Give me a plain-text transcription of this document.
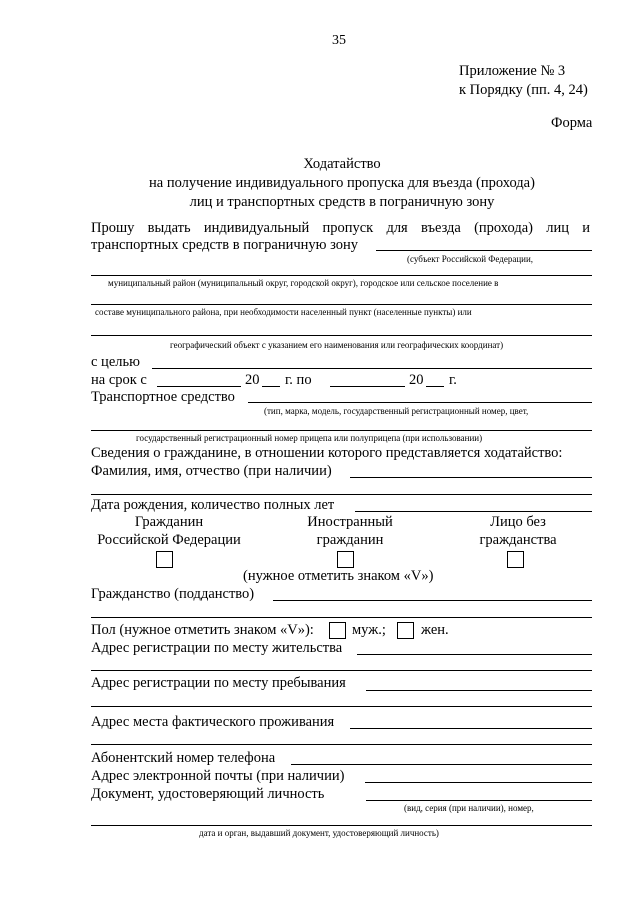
35
Приложение № 3
к Порядку (пп. 4, 24)
Форма
Ходатайство
на получение индивидуального пропуска для въезда (прохода)
лиц и транспортных средств в пограничную зону
Прошу выдать индивидуальный пропуск для въезда (прохода) лиц и
транспортных средств в пограничную зону
(субъект Российской Федерации,
муниципальный район (муниципальный округ, городской округ), городское или сельское поселение в
составе муниципального района, при необходимости населенный пункт (населенные пункты) или
географический объект с указанием его наименования или географических координат)
с целью
на срок с	20 г. по	20 г.
Транспортное средство
(тип, марка, модель, государственный регистрационный номер, цвет,
государственный регистрационный номер прицепа или полуприцепа (при использовании)
Сведения о гражданине, в отношении которого представляется ходатайство:
Фамилия, имя, отчество (при наличии)
Дата рождения, количество полных лет
Гражданин
Российской Федерации
Иностранный
гражданин
Лицо без
гражданства
(нужное отметить знаком «V»)
Гражданство (подданство)
Пол (нужное отметить знаком «V»):	муж.; жен.
Адрес регистрации по месту жительства
Адрес регистрации по месту пребывания
Адрес места фактического проживания
Абонентский номер телефона
Адрес электронной почты (при наличии)
Документ, удостоверяющий личность
(вид, серия (при наличии), номер,
дата и орган, выдавший документ, удостоверяющий личность)
